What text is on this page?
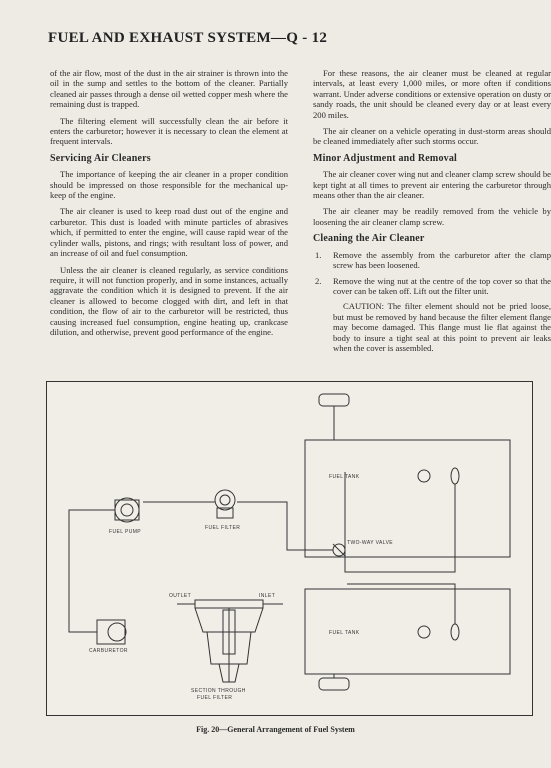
FUEL AND EXHAUST SYSTEM—Q - 12

of the air flow, most of the dust in the air strainer is thrown into the oil in the sump and settles to the bottom of the cleaner. Partially cleaned air passes through a dense oil wetted copper mesh where the remaining dust is trapped.

The filtering element will successfully clean the air before it enters the carburetor; however it is necessary to clean the element at frequent intervals.

Servicing Air Cleaners

The importance of keeping the air cleaner in a proper condition should be impressed on those responsible for the mechanical up-keep of the engine.

The air cleaner is used to keep road dust out of the engine and carburetor. This dust is loaded with minute particles of abrasives which, if permitted to enter the engine, will cause rapid wear of the cylinder walls, pistons, and rings; with resultant loss of power, and an increase of oil and fuel consumption.

Unless the air cleaner is cleaned regularly, as service conditions require, it will not function properly, and in some instances, actually aggravate the condition which it is designed to prevent. If the air cleaner is allowed to become clogged with dirt, and left in that condition, the flow of air to the carburetor will be restricted, thus causing increased fuel consumption, engine heating up, crankcase dilution, and otherwise, prevent good performance of the engine.

For these reasons, the air cleaner must be cleaned at regular intervals, at least every 1,000 miles, or more often if conditions warrant. Under adverse conditions or extensive operation on dusty or sandy roads, the unit should be cleaned every day or at least every 200 miles.

The air cleaner on a vehicle operating in dust-storm areas should be cleaned immediately after such storms occur.

Minor Adjustment and Removal

The air cleaner cover wing nut and cleaner clamp screw should be kept tight at all times to prevent air entering the carburetor through means other than the air cleaner.

The air cleaner may be readily removed from the vehicle by loosening the air cleaner clamp screw.

Cleaning the Air Cleaner
1. Remove the assembly from the carburetor after the clamp screw has been loosened.
2. Remove the wing nut at the centre of the top cover so that the cover can be taken off. Lift out the filter unit.
CAUTION: The filter element should not be pried loose, but must be removed by hand because the filter element flange may become damaged. This flange must lie flat against the body to insure a tight seal at this point to prevent air leaks when the cover is assembled.
FUEL TANK
FUEL TANK
FUEL PUMP
FUEL FILTER
TWO-WAY VALVE
OUTLET	INLET
CARBURETOR
SECTION THROUGH
FUEL FILTER
Fig. 20—General Arrangement of Fuel System
